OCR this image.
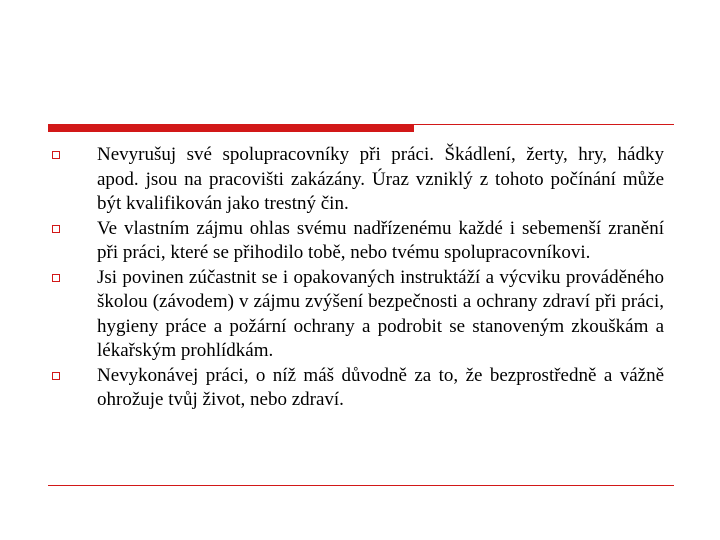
Nevyrušuj své spolupracovníky při práci. Škádlení, žerty, hry, hádky apod. jsou na pracovišti zakázány. Úraz vzniklý z tohoto počínání může být kvalifikován jako trestný čin.
Ve vlastním zájmu ohlas svému nadřízenému každé i sebemenší zranění při práci, které se přihodilo tobě, nebo tvému spolupracovníkovi.
Jsi povinen zúčastnit se i opakovaných instruktáží a výcviku prováděného školou (závodem) v zájmu zvýšení bezpečnosti a ochrany zdraví při práci, hygieny práce a požární ochrany a podrobit se stanoveným zkouškám a lékařským prohlídkám.
Nevykonávej práci, o níž máš důvodně za to, že bezprostředně a vážně ohrožuje tvůj život, nebo zdraví.
